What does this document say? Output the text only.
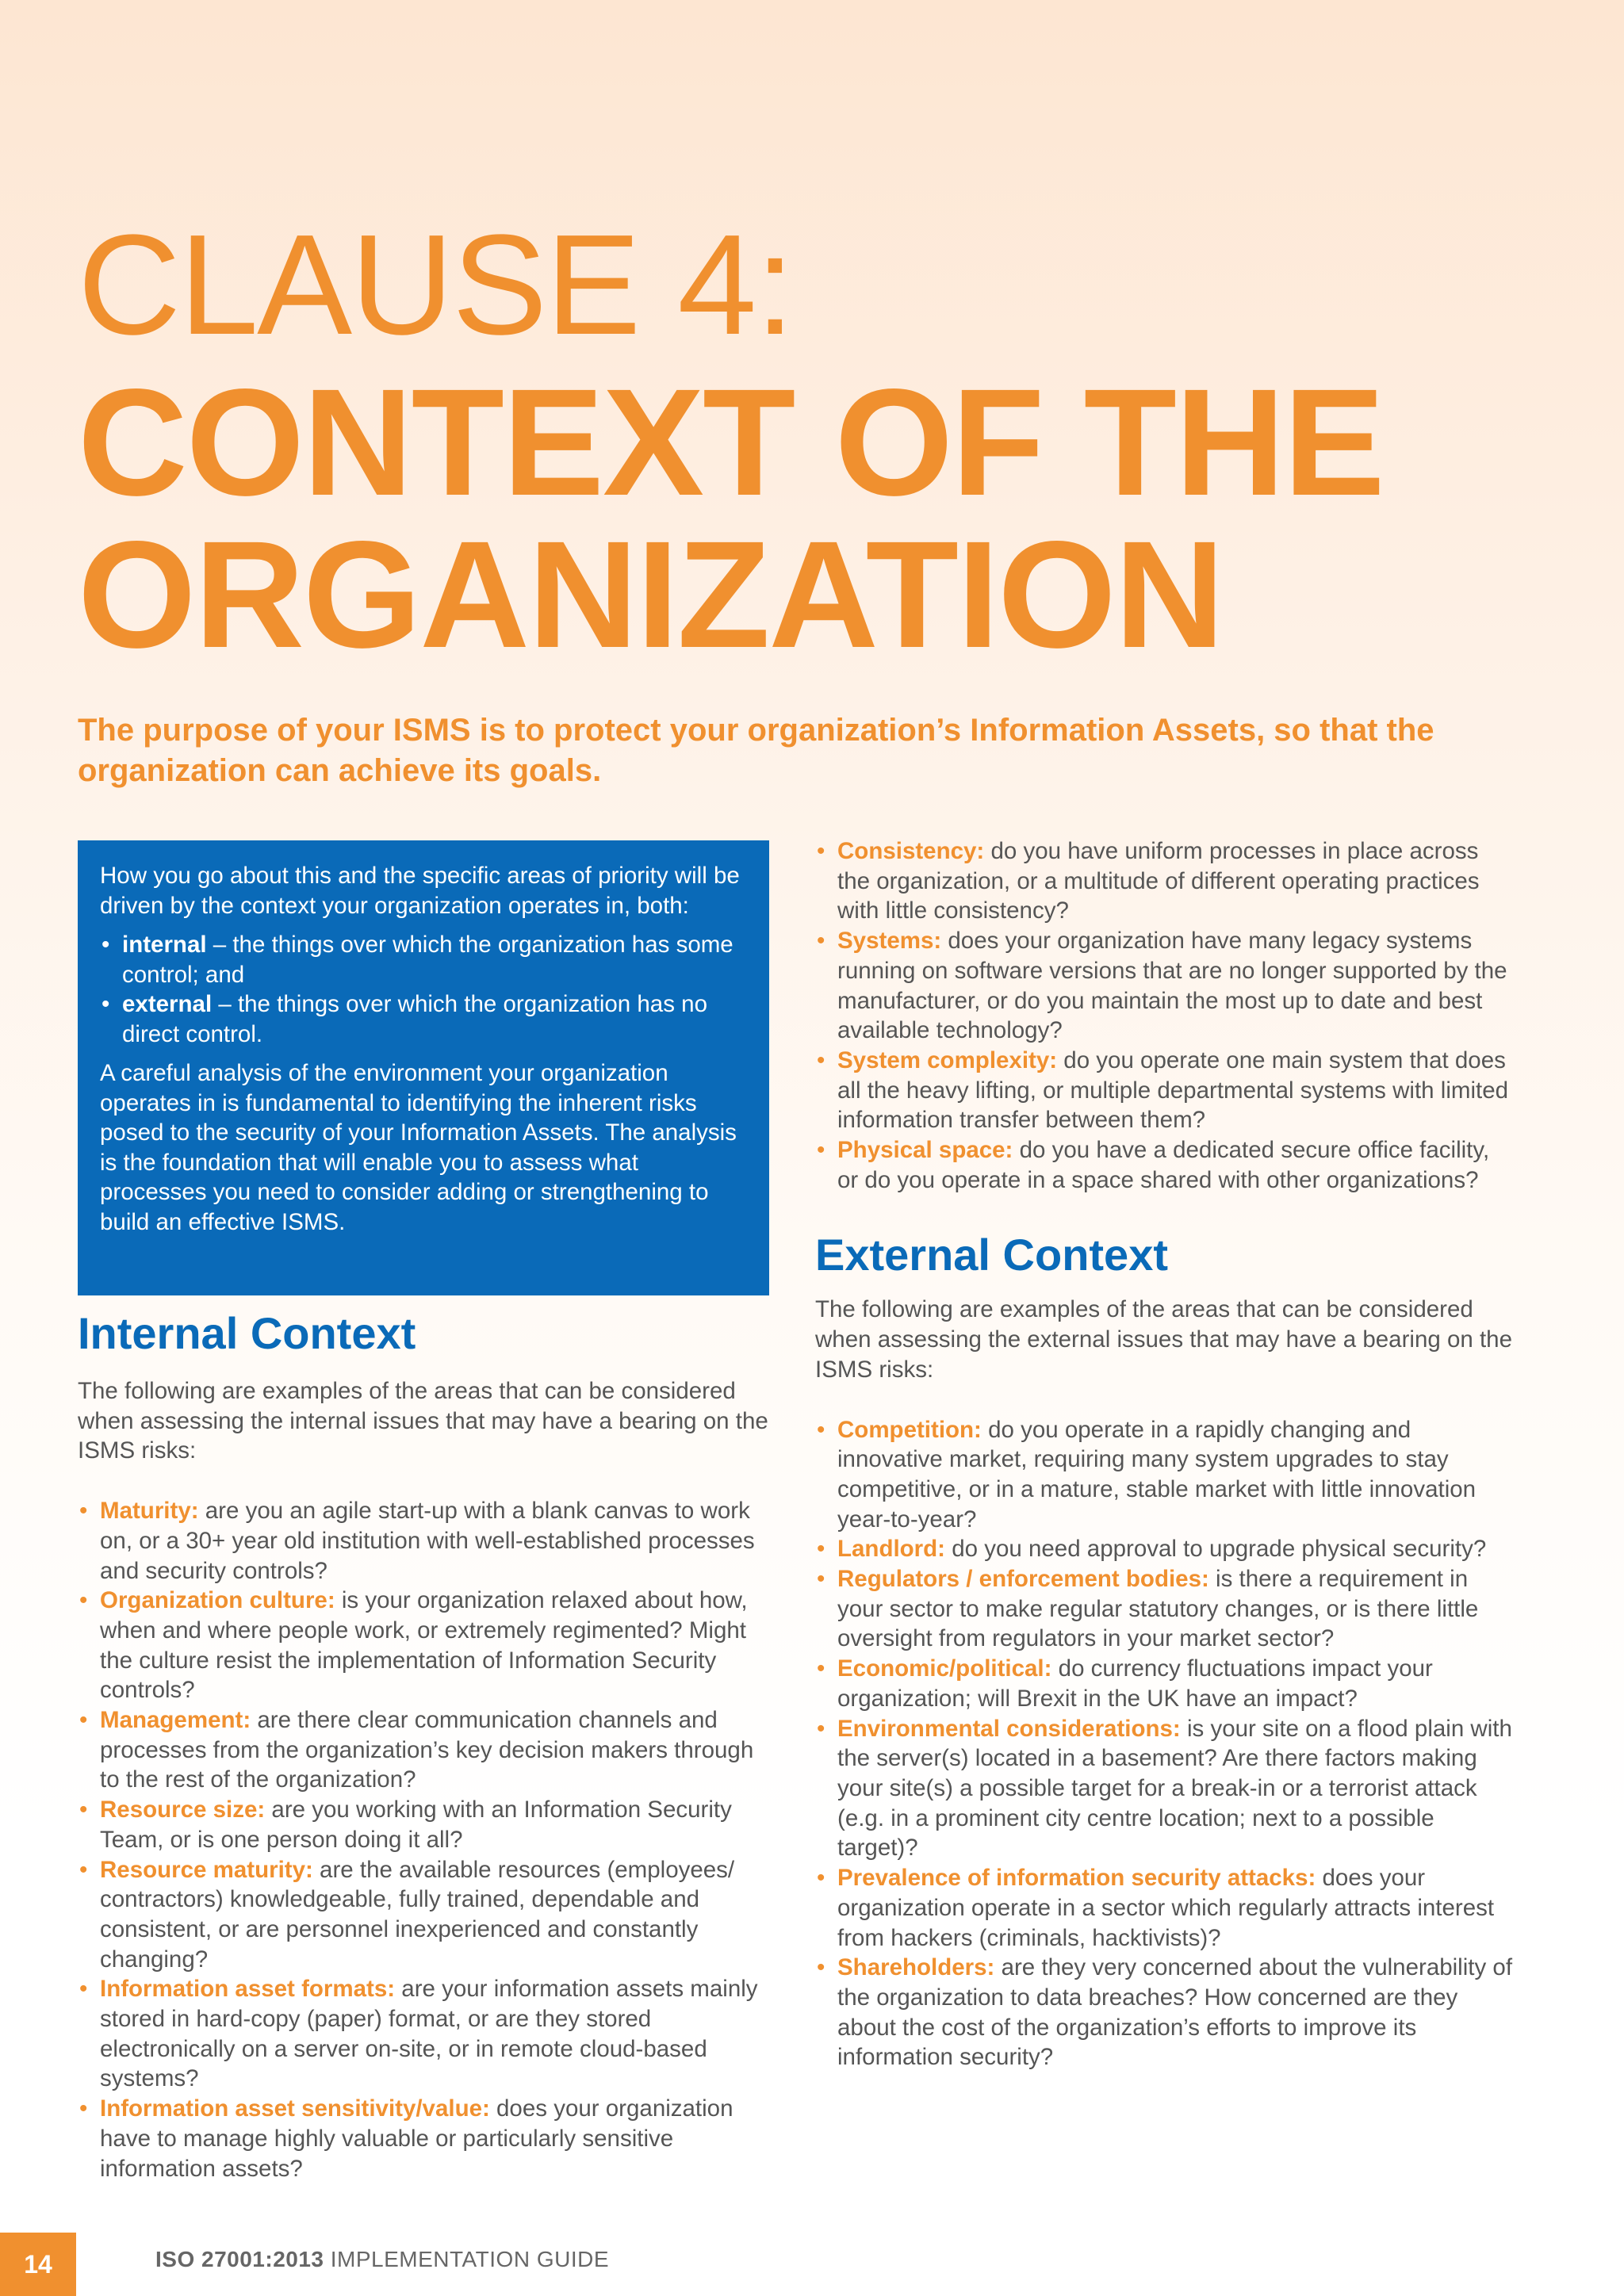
CLAUSE 4:
CONTEXT OF THE
ORGANIZATION
The purpose of your ISMS is to protect your organization’s Information Assets, so that the organization can achieve its goals.

How you go about this and the specific areas of priority will be driven by the context your organization operates in, both:

• internal – the things over which the organization has some control; and
• external – the things over which the organization has no direct control.

A careful analysis of the environment your organization operates in is fundamental to identifying the inherent risks posed to the security of your Information Assets. The analysis is the foundation that will enable you to assess what processes you need to consider adding or strengthening to build an effective ISMS.

Internal Context

The following are examples of the areas that can be considered when assessing the internal issues that may have a bearing on the ISMS risks:

• Maturity: are you an agile start-up with a blank canvas to work on, or a 30+ year old institution with well-established processes and security controls?
• Organization culture: is your organization relaxed about how, when and where people work, or extremely regimented? Might the culture resist the implementation of Information Security controls?
• Management: are there clear communication channels and processes from the organization’s key decision makers through to the rest of the organization?
• Resource size: are you working with an Information Security Team, or is one person doing it all?
• Resource maturity: are the available resources (employees/ contractors) knowledgeable, fully trained, dependable and consistent, or are personnel inexperienced and constantly changing?
• Information asset formats: are your information assets mainly stored in hard-copy (paper) format, or are they stored electronically on a server on-site, or in remote cloud-based systems?
• Information asset sensitivity/value: does your organization have to manage highly valuable or particularly sensitive information assets?
• Consistency: do you have uniform processes in place across the organization, or a multitude of different operating practices with little consistency?
• Systems: does your organization have many legacy systems running on software versions that are no longer supported by the manufacturer, or do you maintain the most up to date and best available technology?
• System complexity: do you operate one main system that does all the heavy lifting, or multiple departmental systems with limited information transfer between them?
• Physical space: do you have a dedicated secure office facility, or do you operate in a space shared with other organizations?
External Context

The following are examples of the areas that can be considered when assessing the external issues that may have a bearing on the ISMS risks:

• Competition: do you operate in a rapidly changing and innovative market, requiring many system upgrades to stay competitive, or in a mature, stable market with little innovation year-to-year?
• Landlord: do you need approval to upgrade physical security?
• Regulators / enforcement bodies: is there a requirement in your sector to make regular statutory changes, or is there little oversight from regulators in your market sector?
• Economic/political: do currency fluctuations impact your organization; will Brexit in the UK have an impact?
• Environmental considerations: is your site on a flood plain with the server(s) located in a basement? Are there factors making your site(s) a possible target for a break-in or a terrorist attack (e.g. in a prominent city centre location; next to a possible target)?
• Prevalence of information security attacks: does your organization operate in a sector which regularly attracts interest from hackers (criminals, hacktivists)?
• Shareholders: are they very concerned about the vulnerability of the organization to data breaches? How concerned are they about the cost of the organization’s efforts to improve its information security?
14	ISO 27001:2013 IMPLEMENTATION GUIDE
